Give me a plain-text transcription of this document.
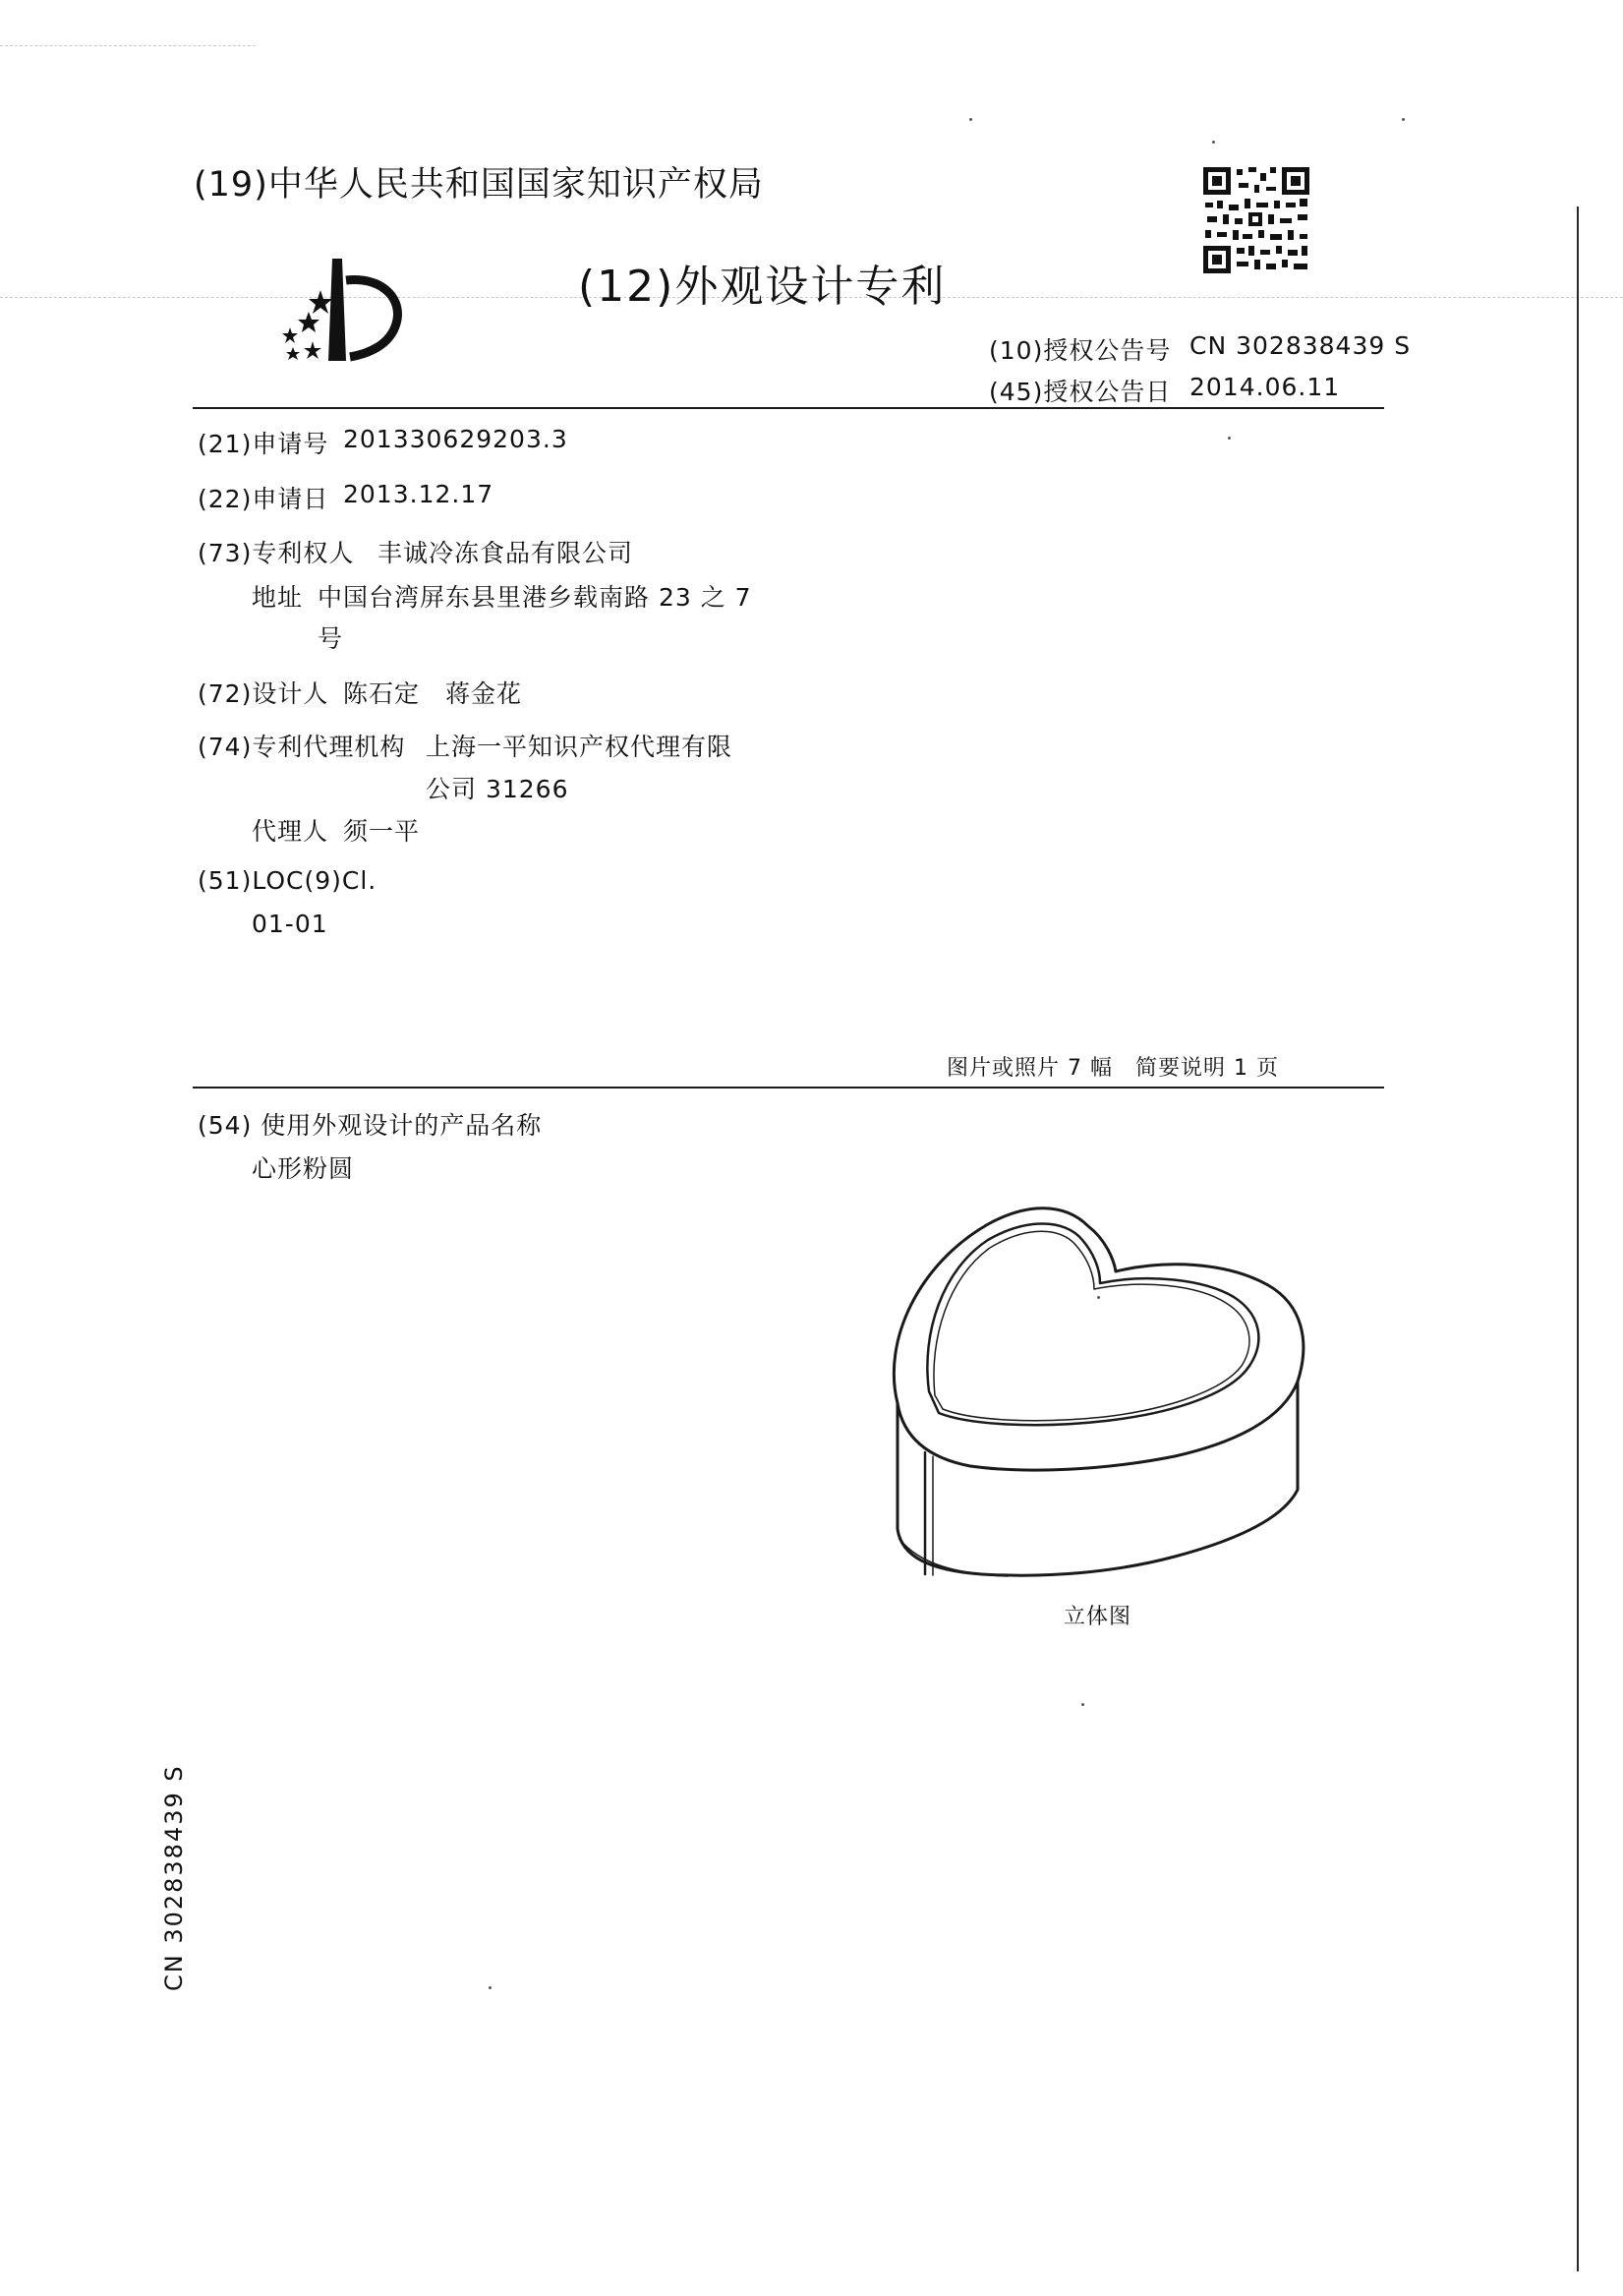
(19)中华人民共和国国家知识产权局
(12)外观设计专利
(10)授权公告号 CN 302838439 S
(45)授权公告日 2014.06.11
(21)申请号 201330629203.3
(22)申请日 2013.12.17
(73)专利权人 丰诚冷冻食品有限公司
地址 中国台湾屏东县里港乡载南路 23 之 7
号
(72)设计人 陈石定　蒋金花
(74)专利代理机构 上海一平知识产权代理有限
公司 31266
代理人 须一平
(51)LOC(9)Cl.
01-01
图片或照片 7 幅　简要说明 1 页
(54) 使用外观设计的产品名称
心形粉圆
立体图
CN 302838439 S
